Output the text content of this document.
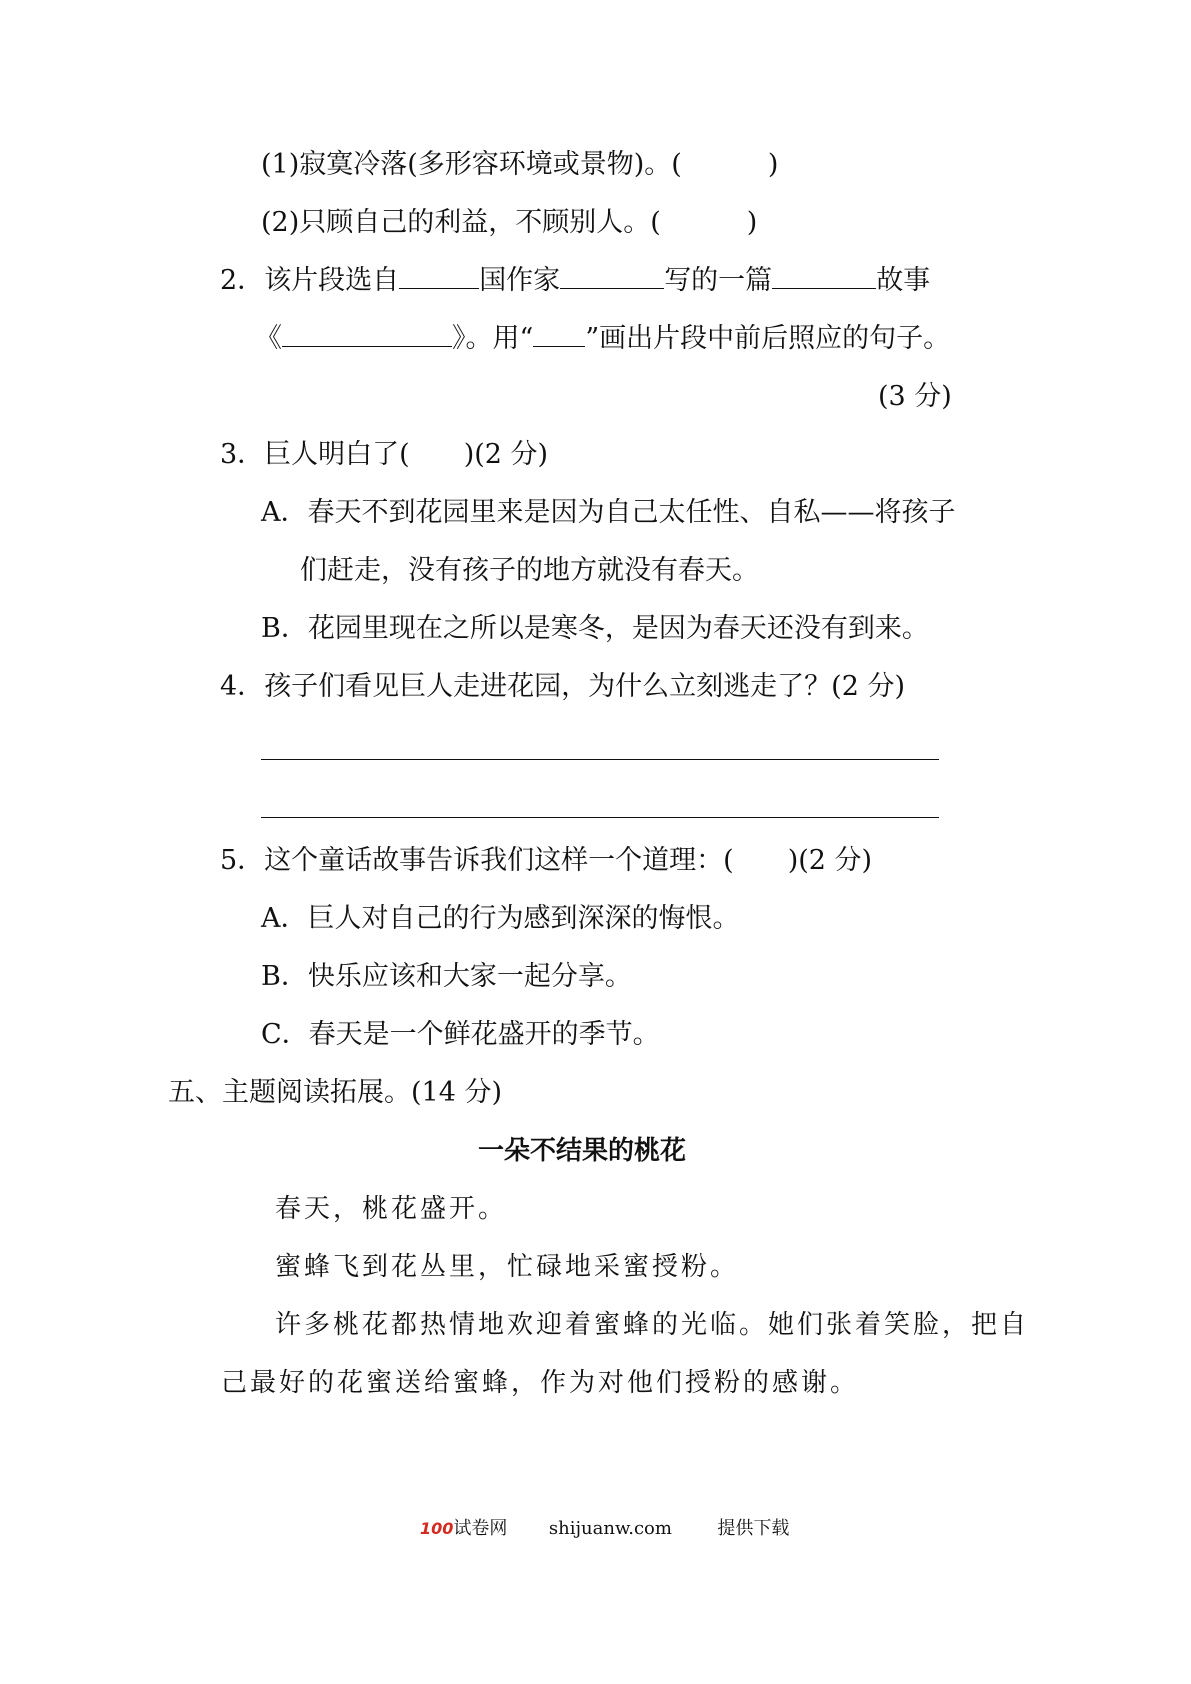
(1)寂寞冷落(多形容环境或景物)。(	)
(2)只顾自己的利益，不顾别人。(	)
2．该片段选自	国作家	写的一篇	故事
《	》。用“ ”画出片段中前后照应的句子。
(3 分)
3．巨人明白了(　　)(2 分)
A．春天不到花园里来是因为自己太任性、自私——将孩子
们赶走，没有孩子的地方就没有春天。
B．花园里现在之所以是寒冬，是因为春天还没有到来。
4．孩子们看见巨人走进花园，为什么立刻逃走了？(2 分)
5．这个童话故事告诉我们这样一个道理：(　　)(2 分)
A．巨人对自己的行为感到深深的悔恨。
B．快乐应该和大家一起分享。
C．春天是一个鲜花盛开的季节。
五、主题阅读拓展。(14 分)
一朵不结果的桃花
春天，桃花盛开。
蜜蜂飞到花丛里，忙碌地采蜜授粉。
许多桃花都热情地欢迎着蜜蜂的光临。她们张着笑脸，把自
己最好的花蜜送给蜜蜂，作为对他们授粉的感谢。
100试卷网 shijuanw.com	提供下载
